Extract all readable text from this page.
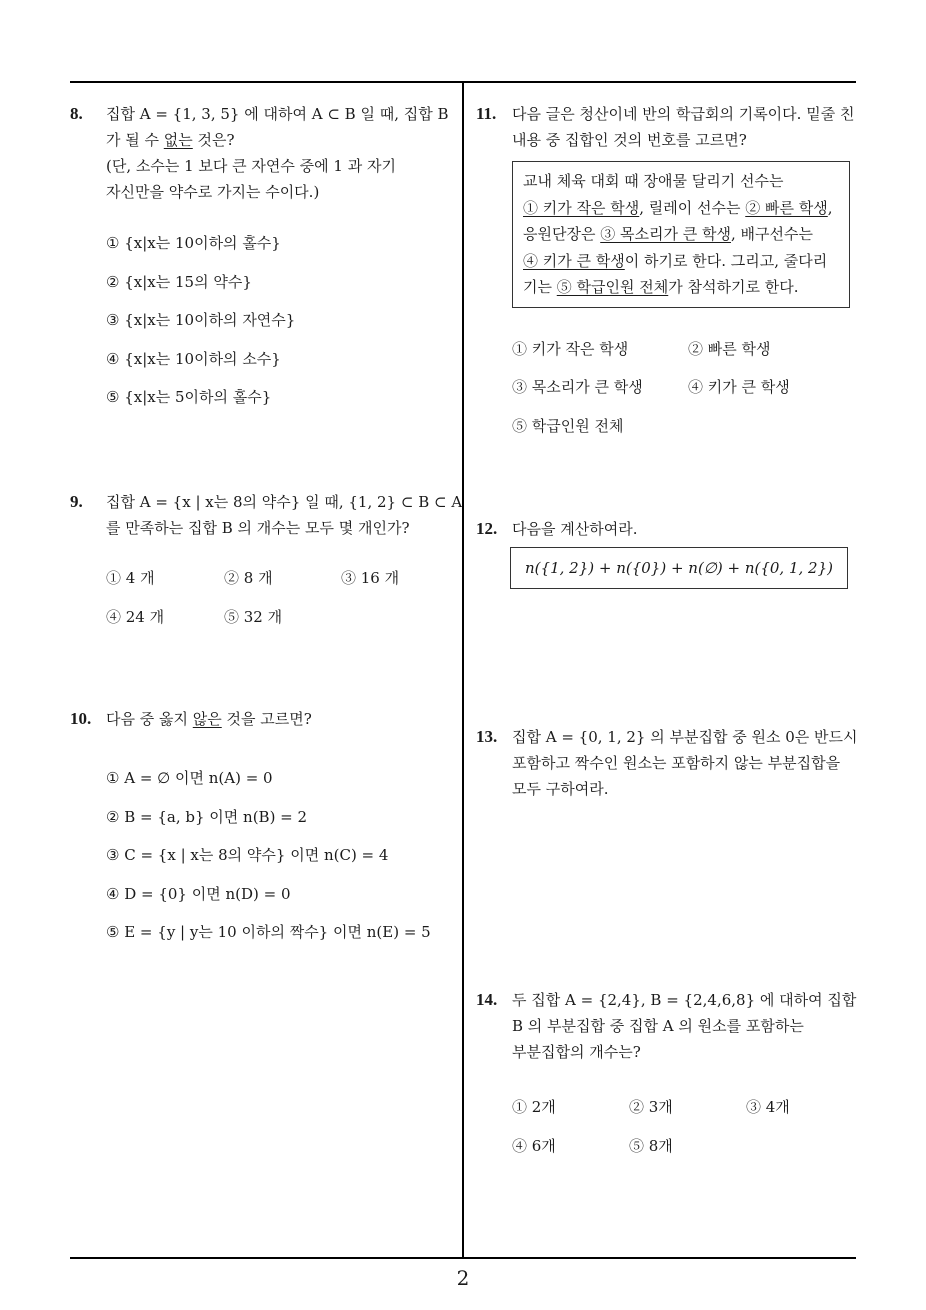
2
8. 집합 A = {1, 3, 5} 에 대하여 A ⊂ B 일 때, 집합 B
가 될 수 없는 것은?
(단, 소수는 1 보다 큰 자연수 중에 1 과 자기
자신만을 약수로 가지는 수이다.)
① {x|x는 10이하의 홀수}
② {x|x는 15의 약수}
③ {x|x는 10이하의 자연수}
④ {x|x는 10이하의 소수}
⑤ {x|x는 5이하의 홀수}
9. 집합 A = {x | x는 8의 약수} 일 때, {1, 2} ⊂ B ⊂ A
를 만족하는 집합 B 의 개수는 모두 몇 개인가?
① 4 개	② 8 개	③ 16 개
④ 24 개	⑤ 32 개
10. 다음 중 옳지 않은 것을 고르면?
① A = ∅ 이면 n(A) = 0
② B = {a, b} 이면 n(B) = 2
③ C = {x | x는 8의 약수} 이면 n(C) = 4
④ D = {0} 이면 n(D) = 0
⑤ E = {y | y는 10 이하의 짝수} 이면 n(E) = 5
11. 다음 글은 청산이네 반의 학급회의 기록이다. 밑줄 친
내용 중 집합인 것의 번호를 고르면?
교내 체육 대회 때 장애물 달리기 선수는
① 키가 작은 학생, 릴레이 선수는 ② 빠른 학생,
응원단장은 ③ 목소리가 큰 학생, 배구선수는
④ 키가 큰 학생이 하기로 한다. 그리고, 줄다리
기는 ⑤ 학급인원 전체가 참석하기로 한다.
① 키가 작은 학생	② 빠른 학생
③ 목소리가 큰 학생	④ 키가 큰 학생
⑤ 학급인원 전체
12. 다음을 계산하여라.
n({1, 2}) + n({0}) + n(∅) + n({0, 1, 2})
13. 집합 A = {0, 1, 2} 의 부분집합 중 원소 0은 반드시
포함하고 짝수인 원소는 포함하지 않는 부분집합을
모두 구하여라.
14. 두 집합 A = {2,4}, B = {2,4,6,8} 에 대하여 집합
B 의 부분집합 중 집합 A 의 원소를 포함하는
부분집합의 개수는?
① 2개	② 3개	③ 4개
④ 6개	⑤ 8개
